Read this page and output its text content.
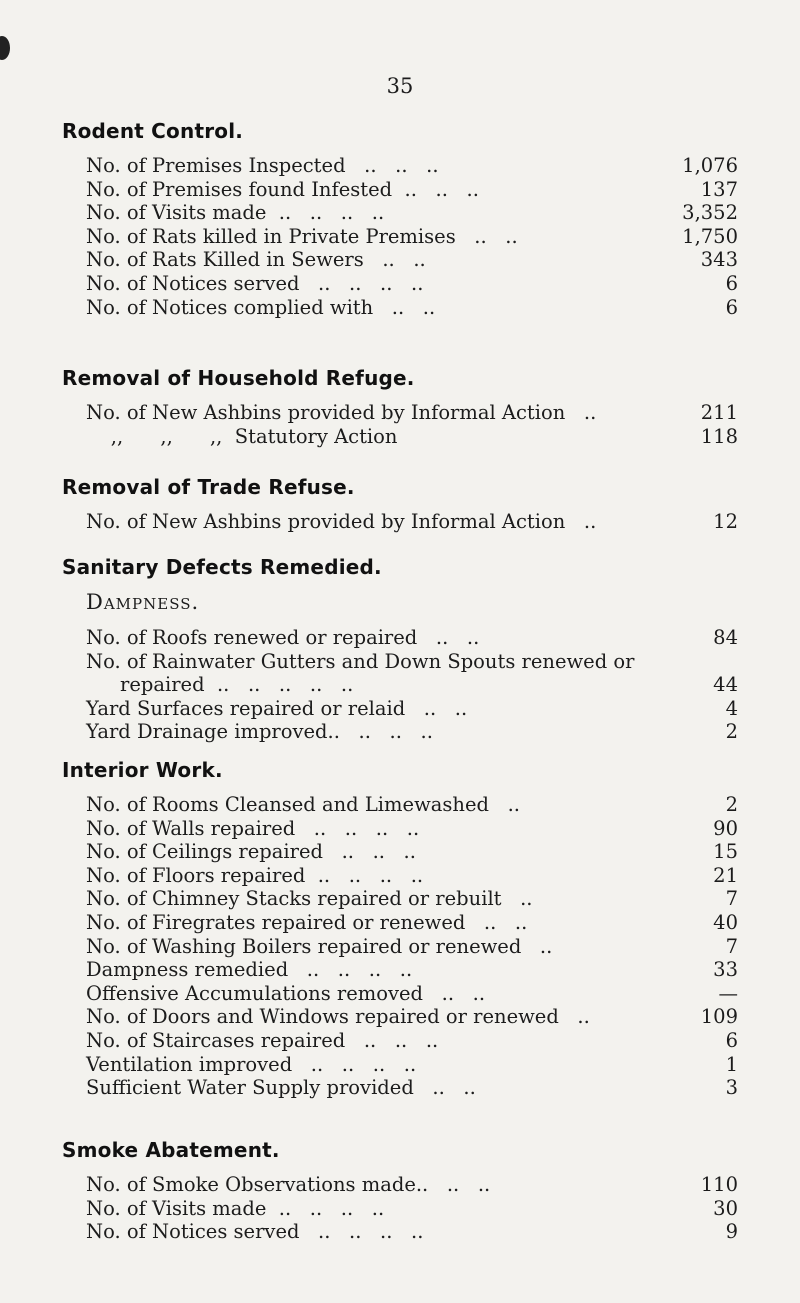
35
Rodent Control.
No. of Premises Inspected   ..   ..   ..	1,076
No. of Premises found Infested  ..   ..   ..	137
No. of Visits made  ..   ..   ..   ..	3,352
No. of Rats killed in Private Premises   ..   ..	1,750
No. of Rats Killed in Sewers   ..   ..	343
No. of Notices served   ..   ..   ..   ..	6
No. of Notices complied with   ..   ..	6
Removal of Household Refuge.
No. of New Ashbins provided by Informal Action   ..	211
,,      ,,      ,,  Statutory Action	118
Removal of Trade Refuse.
No. of New Ashbins provided by Informal Action   ..	12
Sanitary Defects Remedied.
Dampness.
No. of Roofs renewed or repaired   ..   ..	84
No. of Rainwater Gutters and Down Spouts renewed or
repaired  ..   ..   ..   ..   ..	44
Yard Surfaces repaired or relaid   ..   ..	4
Yard Drainage improved..   ..   ..   ..	2
Interior Work.
No. of Rooms Cleansed and Limewashed   ..	2
No. of Walls repaired   ..   ..   ..   ..	90
No. of Ceilings repaired   ..   ..   ..	15
No. of Floors repaired  ..   ..   ..   ..	21
No. of Chimney Stacks repaired or rebuilt   ..	7
No. of Firegrates repaired or renewed   ..   ..	40
No. of Washing Boilers repaired or renewed   ..	7
Dampness remedied   ..   ..   ..   ..	33
Offensive Accumulations removed   ..   ..	—
No. of Doors and Windows repaired or renewed   ..	109
No. of Staircases repaired   ..   ..   ..	6
Ventilation improved   ..   ..   ..   ..	1
Sufficient Water Supply provided   ..   ..	3
Smoke Abatement.
No. of Smoke Observations made..   ..   ..	110
No. of Visits made  ..   ..   ..   ..	30
No. of Notices served   ..   ..   ..   ..	9
